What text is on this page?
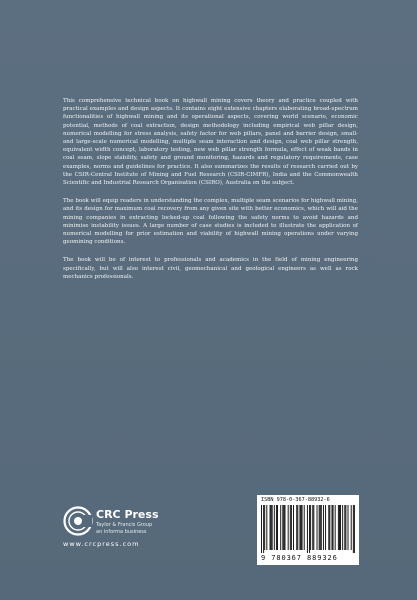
This comprehensive technical book on highwall mining covers theory and practice coupled with practical examples and design aspects. It contains eight extensive chapters elaborating broad-spectrum functionalities of highwall mining and its operational aspects, covering world scenario, economic potential, methods of coal extraction, design methodology including empirical web pillar design, numerical modelling for stress analysis, safety factor for web pillars, panel and barrier design, small-and large-scale numerical modelling, multiple seam interaction and design, coal web pillar strength, equivalent width concept, laboratory testing, new web pillar strength formula, effect of weak bands in coal seam, slope stability, safety and ground monitoring, hazards and regulatory requirements, case examples, norms and guidelines for practice. It also summarizes the results of research carried out by the CSIR-Central Institute of Mining and Fuel Research (CSIR-CIMFR), India and the Commonwealth Scientific and Industrial Research Organisation (CSIRO), Australia on the subject.

The book will equip readers in understanding the complex, multiple seam scenarios for highwall mining, and its design for maximum coal recovery from any given site with better economics, which will aid the mining companies in extracting locked-up coal following the safety norms to avoid hazards and minimise instability issues. A large number of case studies is included to illustrate the application of numerical modelling for prior estimation and viability of highwall mining operations under varying geomining conditions.

The book will be of interest to professionals and academics in the field of mining engineering specifically, but will also interest civil, geomechanical and geological engineers as well as rock mechanics professionals.

CRC Press
Taylor & Francis Group
an informa business
www.crcpress.com
ISBN 978-0-367-88932-6
9 780367 889326
